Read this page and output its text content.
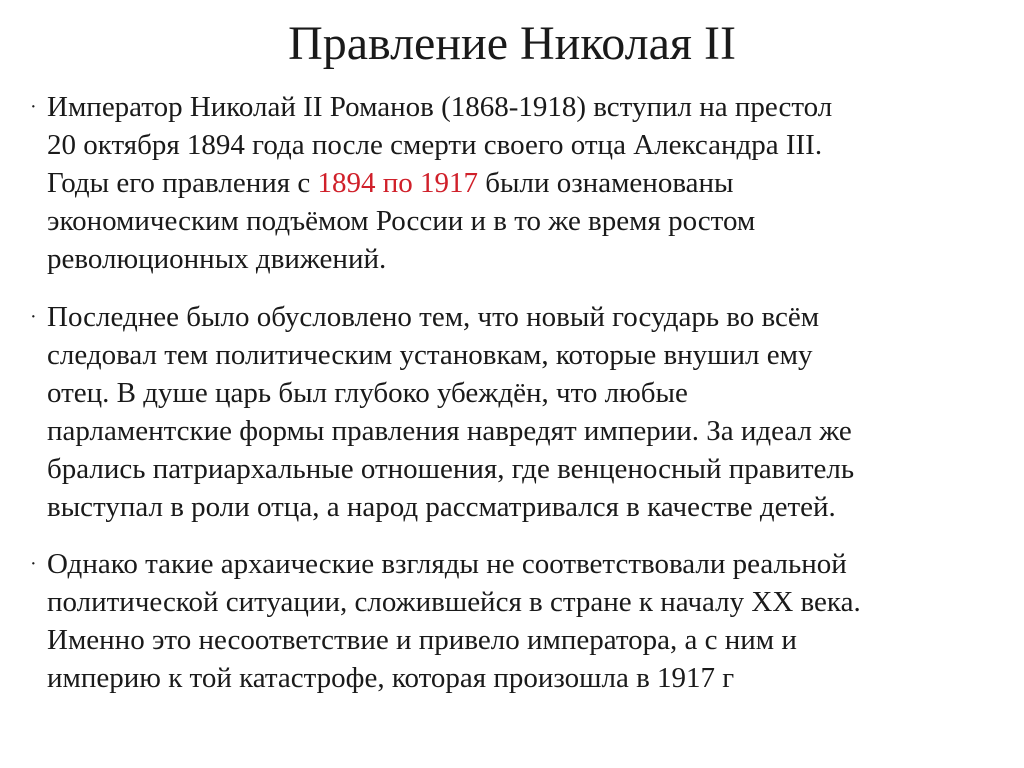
Правление Николая II
· Император Николай II Романов (1868-1918) вступил на престол
20 октября 1894 года после смерти своего отца Александра III.
Годы его правления с 1894 по 1917 были ознаменованы
экономическим подъёмом России и в то же время ростом
революционных движений.
· Последнее было обусловлено тем, что новый государь во всём
следовал тем политическим установкам, которые внушил ему
отец. В душе царь был глубоко убеждён, что любые
парламентские формы правления навредят империи. За идеал же
брались патриархальные отношения, где венценосный правитель
выступал в роли отца, а народ рассматривался в качестве детей.
· Однако такие архаические взгляды не соответствовали реальной
политической ситуации, сложившейся в стране к началу XX века.
Именно это несоответствие и привело императора, а с ним и
империю к той катастрофе, которая произошла в 1917 г
